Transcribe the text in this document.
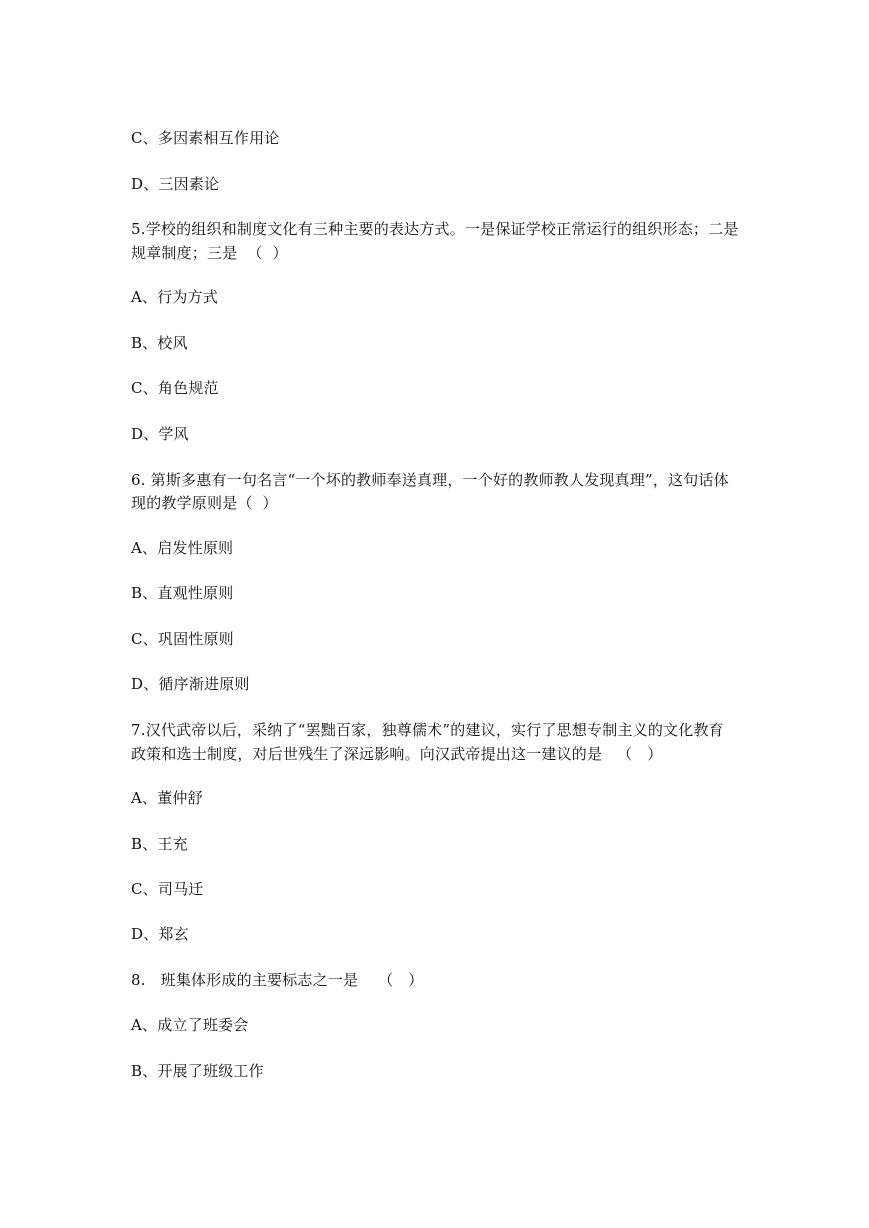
C、多因素相互作用论

D、三因素论

5.学校的组织和制度文化有三种主要的表达方式。一是保证学校正常运行的组织形态；二是

规章制度；三是  （  ）

A、行为方式

B、校风

C、角色规范

D、学风

6. 第斯多惠有一句名言“一个坏的教师奉送真理，一个好的教师教人发现真理”，这句话体

现的教学原则是（  ）

A、启发性原则

B、直观性原则

C、巩固性原则

D、循序渐进原则

7.汉代武帝以后，采纳了“罢黜百家，独尊儒术”的建议，实行了思想专制主义的文化教育

政策和选士制度，对后世残生了深远影响。向汉武帝提出这一建议的是   （   ）

A、董仲舒

B、王充

C、司马迁

D、郑玄

8.   班集体形成的主要标志之一是    （   ）

A、成立了班委会

B、开展了班级工作
